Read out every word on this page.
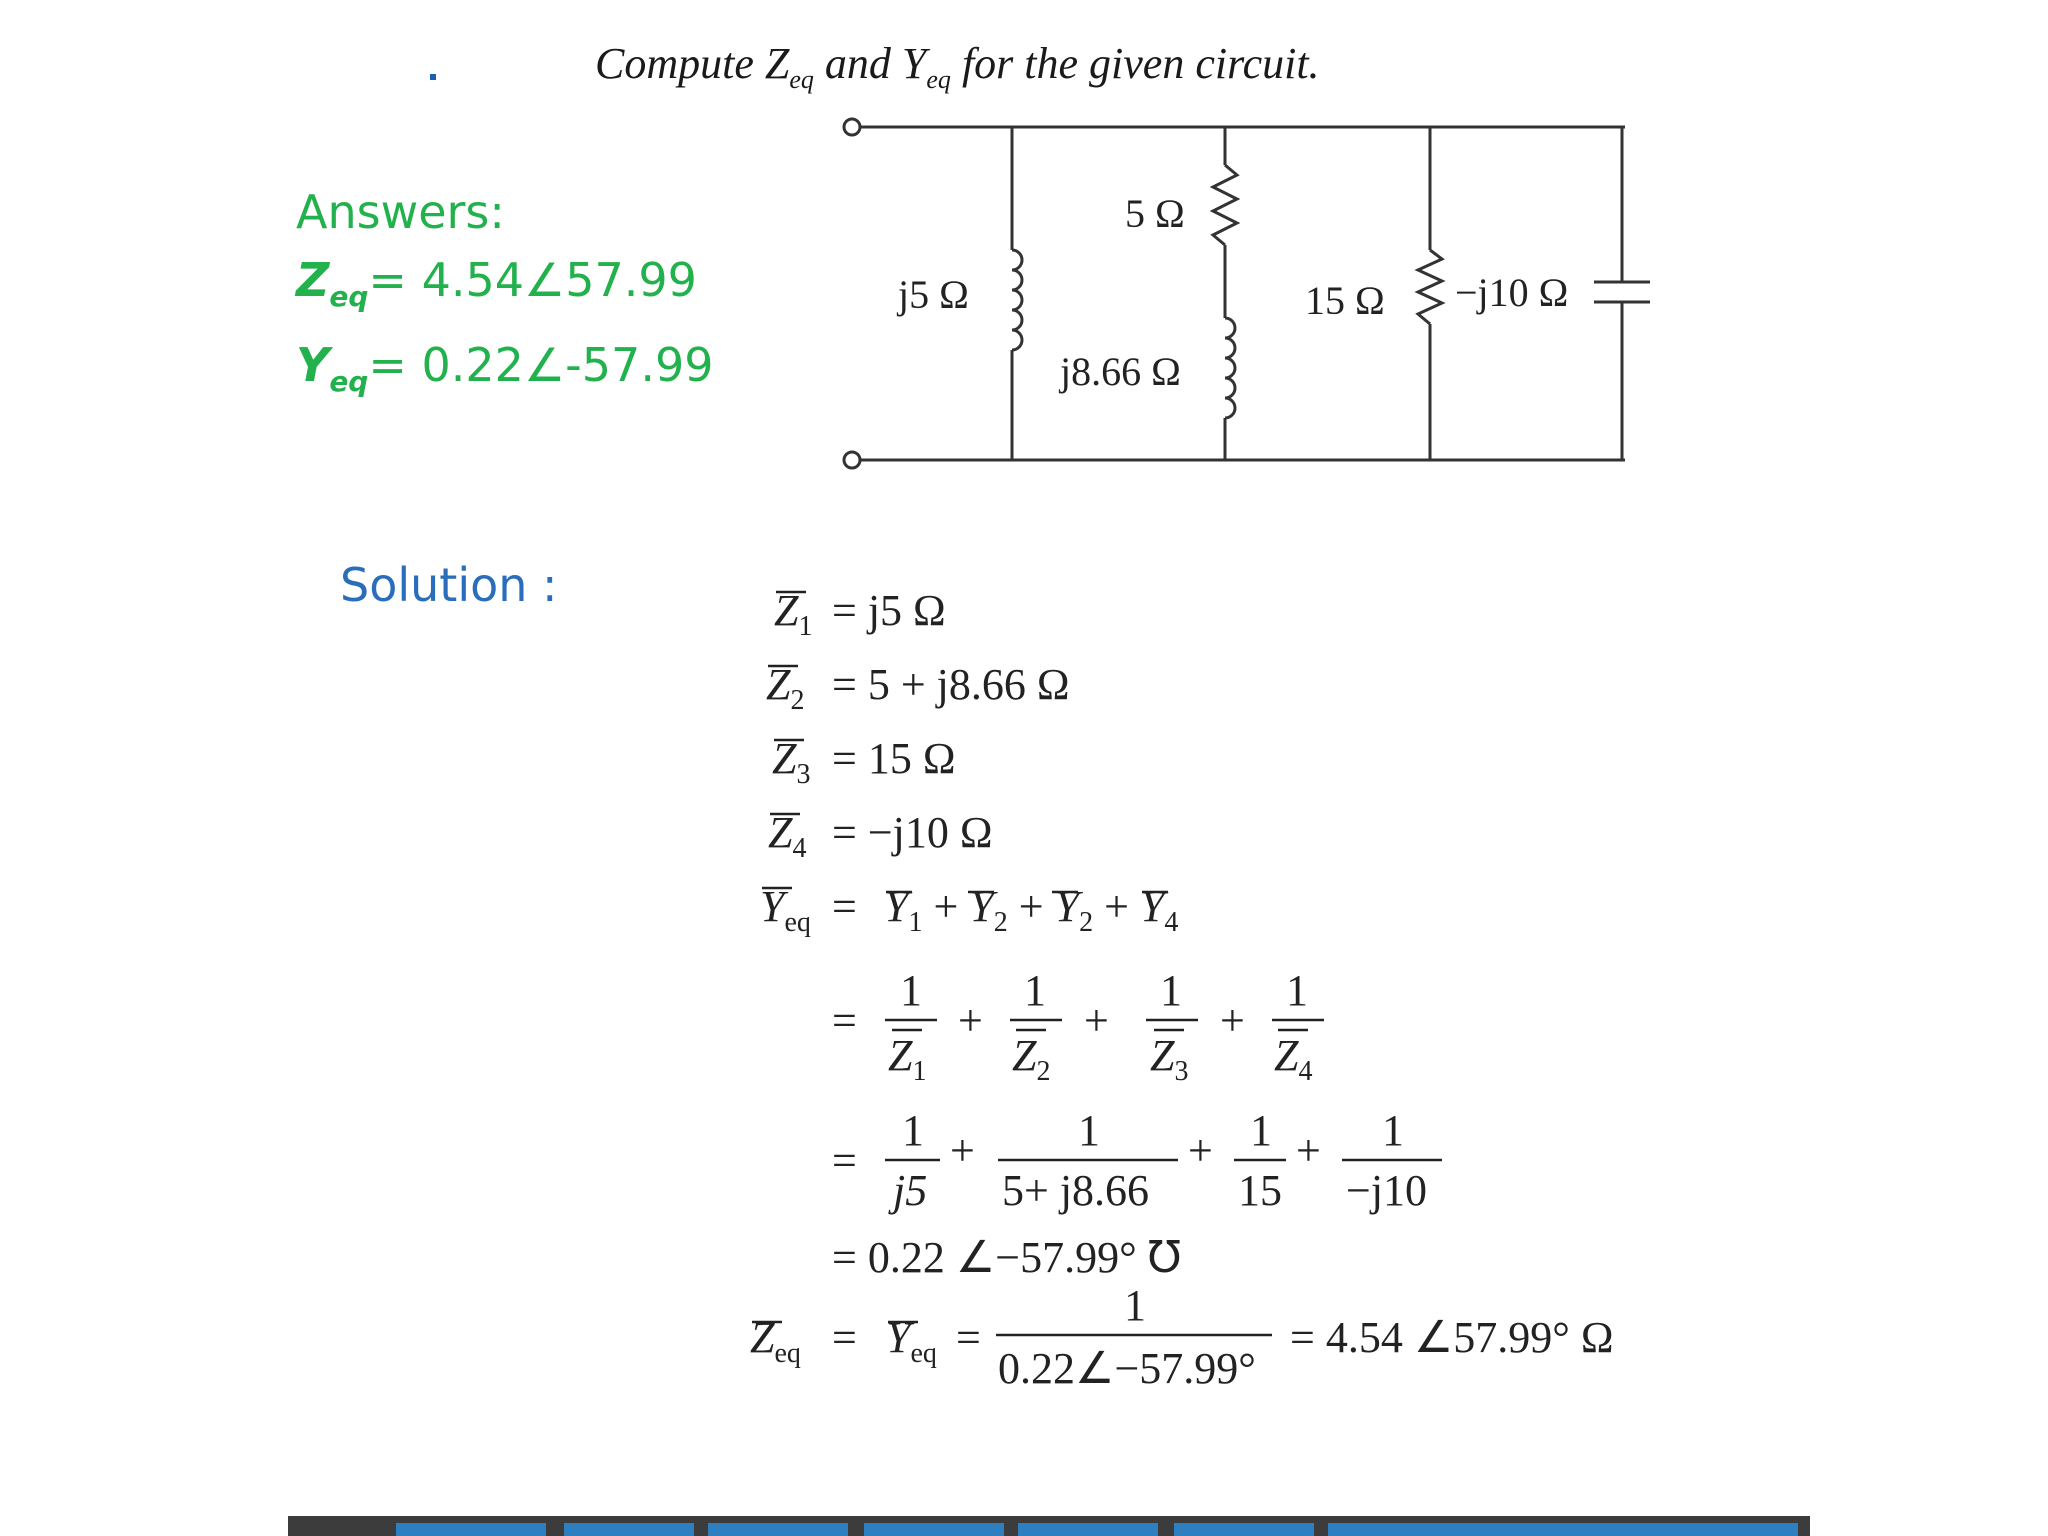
Compute $Z_{eq}$ and $Y_{eq}$ for the given circuit.
Answers:
$Z_{eq}=$ 4.54∠57.99
$Y_{eq}=$ 0.22∠-57.99
j5 Ω
5 Ω
j8.66 Ω
15 Ω −j10 Ω
Solution :	$Z_1 = j5$ Ω
$Z_2 = 5 + j8.66$ Ω
$Z_3 = 15$ Ω
$Z_4 = -j10$ Ω
$Y_{eq} = Y_1 + Y_2 + Y_2 + Y_4$
=
1
$Z_1$
+
1
$Z_2$
+
1
$Z_3$
+
1
$Z_4$
=
1
j5
+ 1
5+ j8.66
+ 1
15
+ 1
−j10
= 0.22 ∠−57.99° ℧
$Z_{eq} = Y_{eq}$ =
1
0.22∠−57.99°
= 4.54 ∠57.99° Ω
